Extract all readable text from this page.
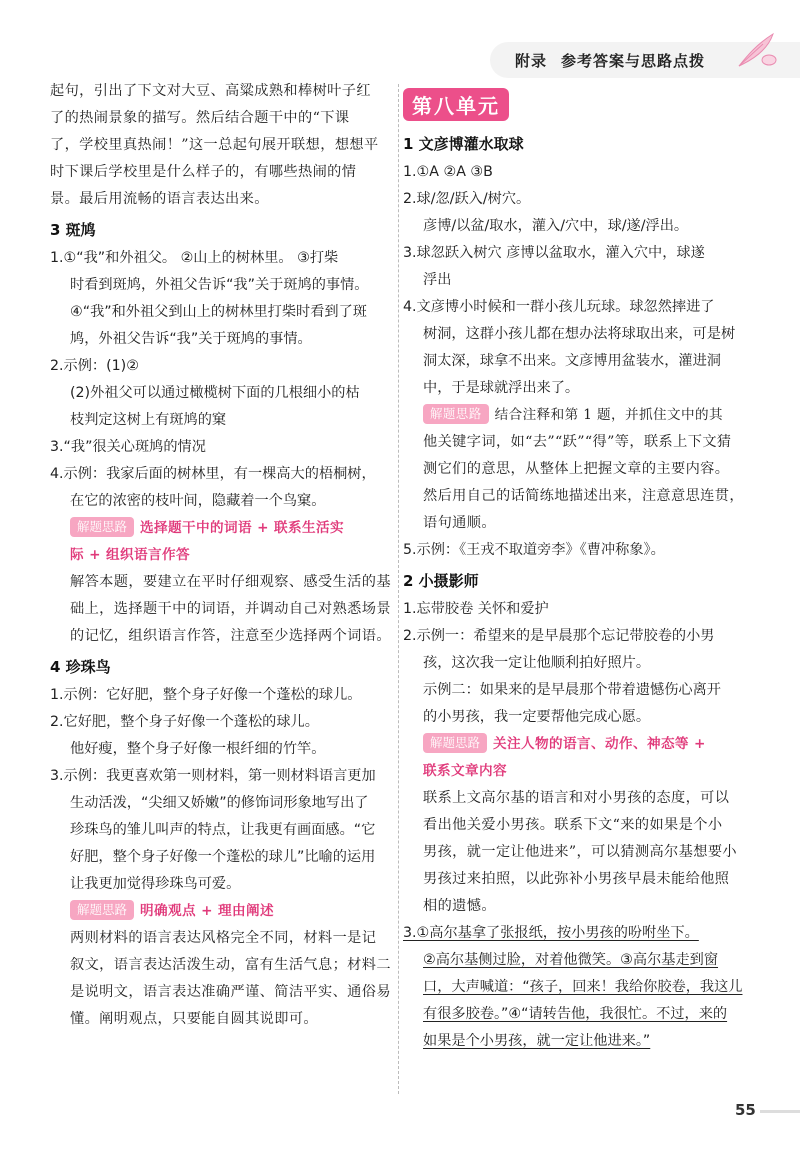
附录 参考答案与思路点拨
起句，引出了下文对大豆、高粱成熟和棒树叶子红
了的热闹景象的描写。然后结合题干中的“下课
了，学校里真热闹！”这一总起句展开联想，想想平
时下课后学校里是什么样子的，有哪些热闹的情
景。最后用流畅的语言表达出来。
3 斑鸠
1.①“我”和外祖父。 ②山上的树林里。 ③打柴
时看到斑鸠，外祖父告诉“我”关于斑鸠的事情。
④“我”和外祖父到山上的树林里打柴时看到了斑
鸠，外祖父告诉“我”关于斑鸠的事情。
2.示例：(1)②
(2)外祖父可以通过橄榄树下面的几根细小的枯
枝判定这树上有斑鸠的窠
3.“我”很关心斑鸠的情况
4.示例：我家后面的树林里，有一棵高大的梧桐树，
在它的浓密的枝叶间，隐藏着一个鸟窠。
解题思路 选择题干中的词语 + 联系生活实
际 + 组织语言作答
解答本题，要建立在平时仔细观察、感受生活的基
础上，选择题干中的词语，并调动自己对熟悉场景
的记忆，组织语言作答，注意至少选择两个词语。
4 珍珠鸟
1.示例：它好肥，整个身子好像一个蓬松的球儿。
2.它好肥，整个身子好像一个蓬松的球儿。
他好瘦，整个身子好像一根纤细的竹竿。
3.示例：我更喜欢第一则材料，第一则材料语言更加
生动活泼，“尖细又娇嫩”的修饰词形象地写出了
珍珠鸟的雏儿叫声的特点，让我更有画面感。“它
好肥，整个身子好像一个蓬松的球儿”比喻的运用
让我更加觉得珍珠鸟可爱。
解题思路 明确观点 + 理由阐述
两则材料的语言表达风格完全不同，材料一是记
叙文，语言表达活泼生动，富有生活气息；材料二
是说明文，语言表达准确严谨、简洁平实、通俗易
懂。阐明观点，只要能自圆其说即可。
第八单元
1 文彦博灌水取球
1.①A ②A ③B
2.球/忽/跃入/树穴。
彦博/以盆/取水，灌入/穴中，球/遂/浮出。
3.球忽跃入树穴 彦博以盆取水，灌入穴中，球遂
浮出
4.文彦博小时候和一群小孩儿玩球。球忽然摔进了
树洞，这群小孩儿都在想办法将球取出来，可是树
洞太深，球拿不出来。文彦博用盆装水，灌进洞
中，于是球就浮出来了。
解题思路 结合注释和第 1 题，并抓住文中的其
他关键字词，如“去”“跃”“得”等，联系上下文猜
测它们的意思，从整体上把握文章的主要内容。
然后用自己的话简练地描述出来，注意意思连贯，
语句通顺。
5.示例：《王戎不取道旁李》《曹冲称象》。
2 小摄影师
1.忘带胶卷 关怀和爱护
2.示例一：希望来的是早晨那个忘记带胶卷的小男
孩，这次我一定让他顺利拍好照片。
示例二：如果来的是早晨那个带着遗憾伤心离开
的小男孩，我一定要帮他完成心愿。
解题思路 关注人物的语言、动作、神态等 +
联系文章内容
联系上文高尔基的语言和对小男孩的态度，可以
看出他关爱小男孩。联系下文“来的如果是个小
男孩，就一定让他进来”，可以猜测高尔基想要小
男孩过来拍照，以此弥补小男孩早晨未能给他照
相的遗憾。
3.①高尔基拿了张报纸，按小男孩的吩咐坐下。
②高尔基侧过脸，对着他微笑。③高尔基走到窗
口，大声喊道：“孩子，回来！我给你胶卷，我这儿
有很多胶卷。”④“请转告他，我很忙。不过，来的
如果是个小男孩，就一定让他进来。”
55
